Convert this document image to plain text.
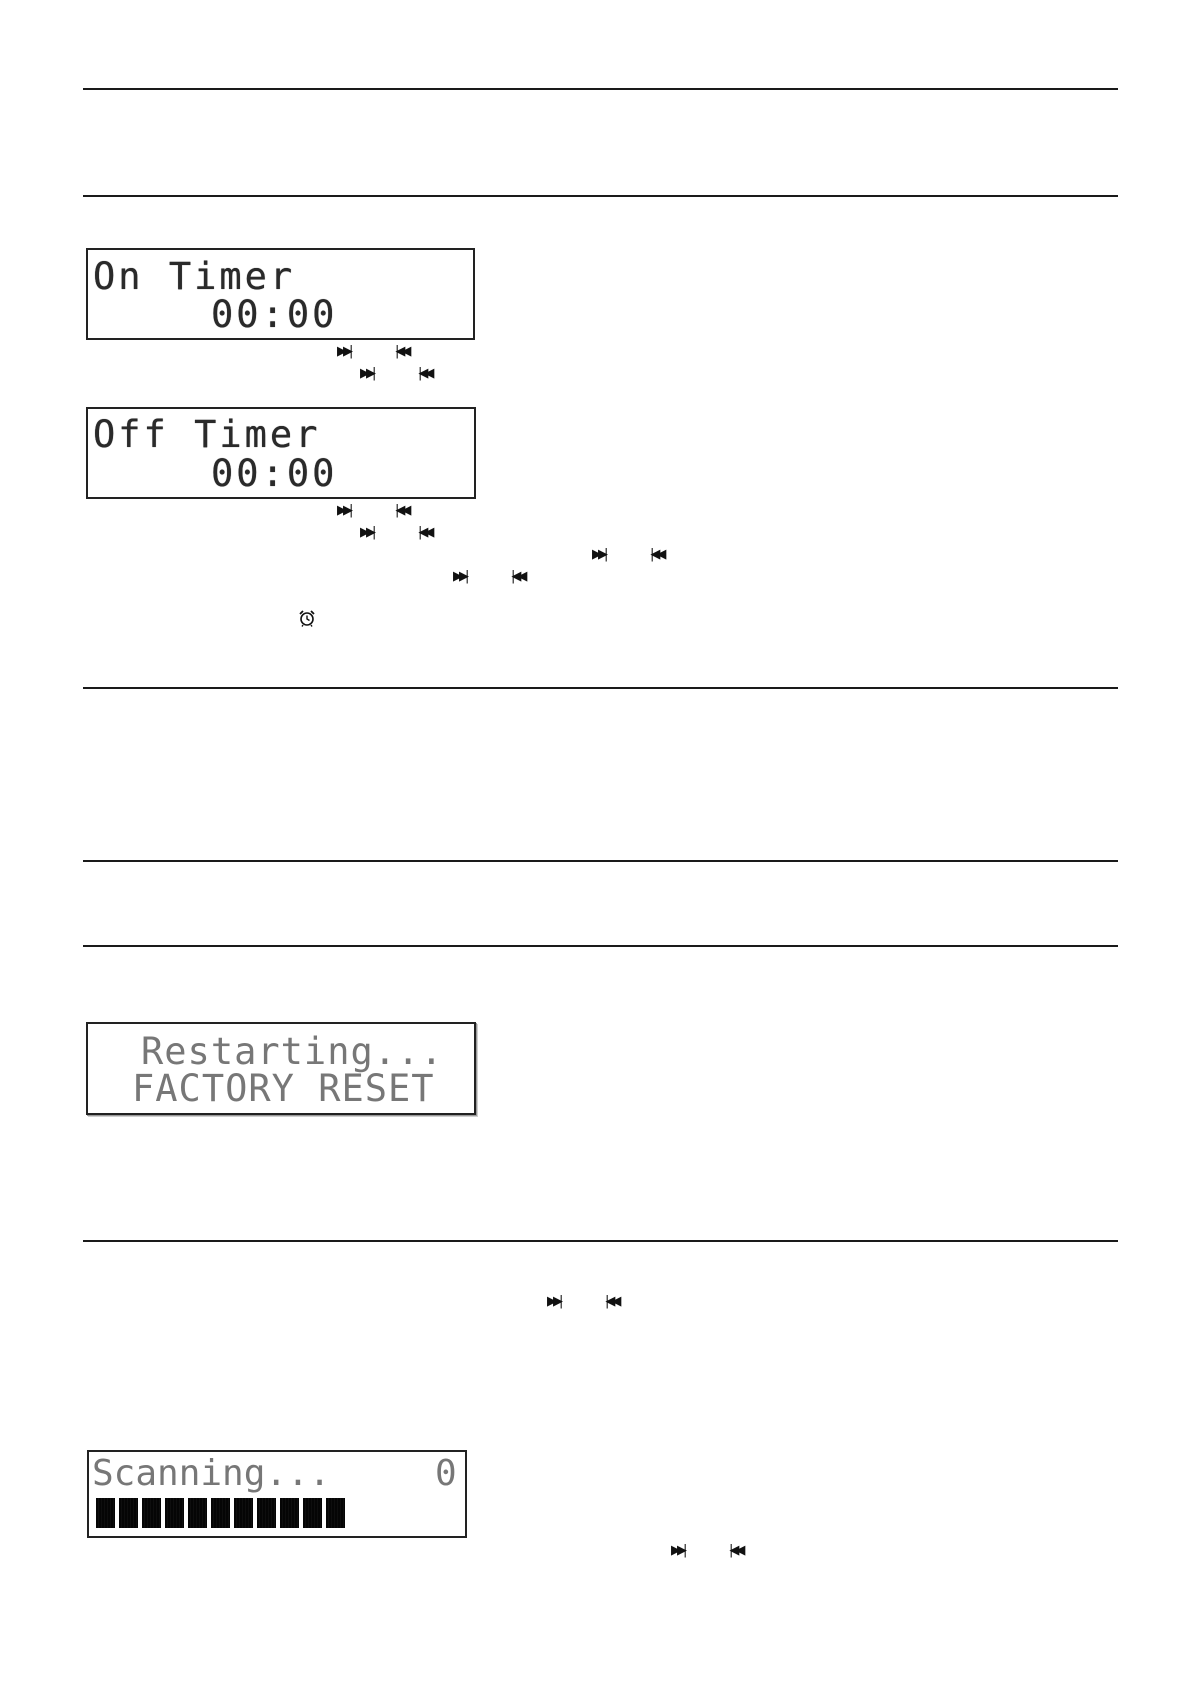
On Timer
00:00
▶▶|	|◀◀
▶▶|	|◀◀
Off Timer
00:00
▶▶|	|◀◀
▶▶|	|◀◀
▶▶|	|◀◀
▶▶|	|◀◀
Restarting...
FACTORY RESET
▶▶|	|◀◀
Scanning...	0
▶▶|	|◀◀
